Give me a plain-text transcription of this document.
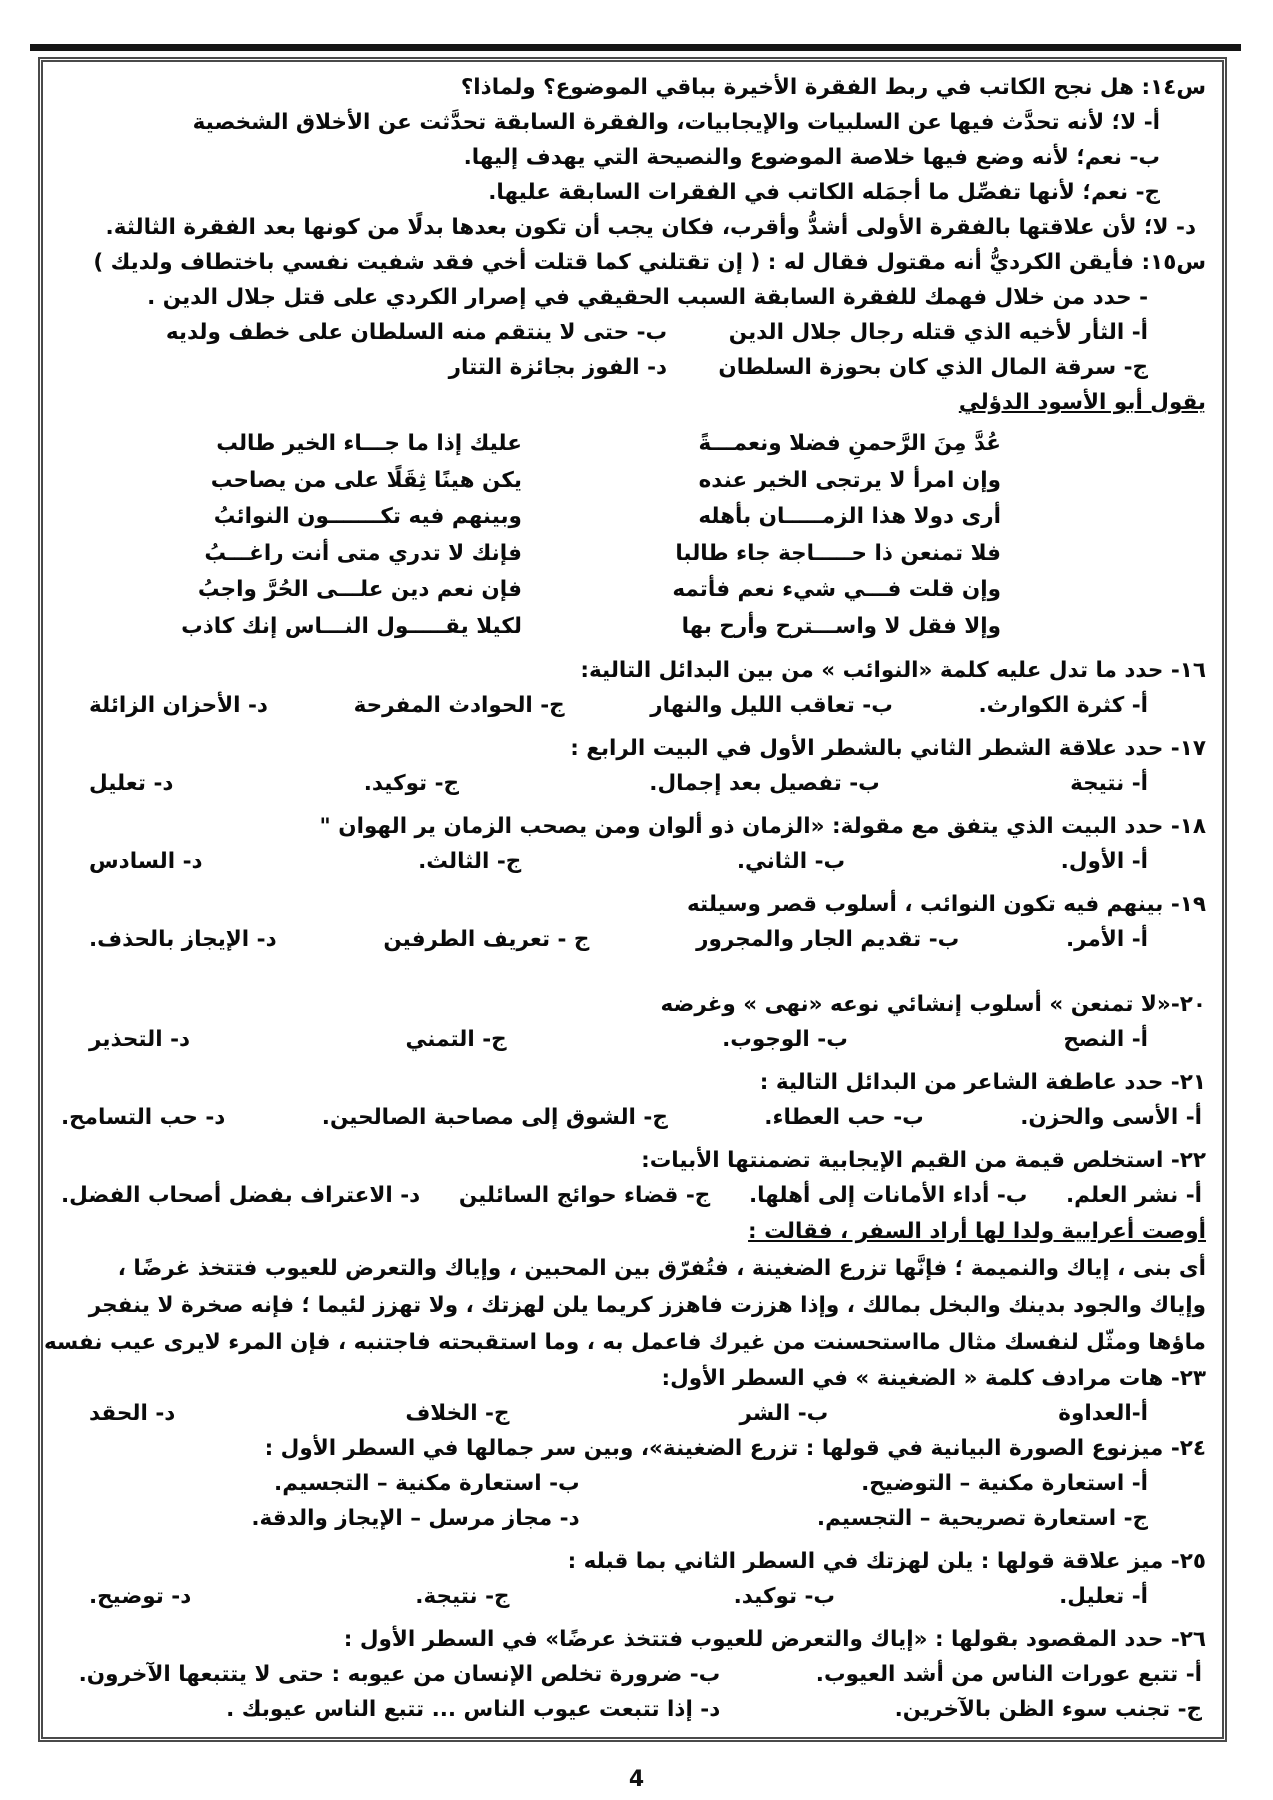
س١٤: هل نجح الكاتب في ربط الفقرة الأخيرة بباقي الموضوع؟ ولماذا؟
أ- لا؛ لأنه تحدَّث فيها عن السلبيات والإيجابيات، والفقرة السابقة تحدَّثت عن الأخلاق الشخصية
ب- نعم؛ لأنه وضع فيها خلاصة الموضوع والنصيحة التي يهدف إليها.
ج- نعم؛ لأنها تفصِّل ما أجمَله الكاتب في الفقرات السابقة عليها.
د- لا؛ لأن علاقتها بالفقرة الأولى أشدُّ وأقرب، فكان يجب أن تكون بعدها بدلًا من كونها بعد الفقرة الثالثة.
س١٥: فأيقن الكرديُّ أنه مقتول فقال له : ( إن تقتلني كما قتلت أخي فقد شفيت نفسي باختطاف ولديك )
- حدد من خلال فهمك للفقرة السابقة السبب الحقيقي في إصرار الكردي على قتل جلال الدين .
أ- الثأر لأخيه الذي قتله رجال جلال الدين
ب- حتى لا ينتقم منه السلطان على خطف ولديه
ج- سرقة المال الذي كان بحوزة السلطان
د- الفوز بجائزة التتار
يقول أبو الأسود الدؤلي
عُدَّ مِنَ الرَّحمنِ فضلا ونعمـــةً
عليك إذا ما جـــاء الخير طالب
وإن امرأ لا يرتجى الخير عنده
يكن هينًا ثِقَلًا على من يصاحب
أرى دولا هذا الزمـــــان بأهله
وبينهم فيه تكـــــــون النوائبُ
فلا تمنعن ذا حـــــاجة جاء طالبا
فإنك لا تدري متى أنت راغـــبُ
وإن قلت فـــي شيء نعم فأتمه
فإن نعم دين علـــى الحُرَّ واجبُ
وإلا فقل لا واســـترح وأرح بها
لكيلا يقـــــول النـــاس إنك كاذب
١٦- حدد ما تدل عليه كلمة «النوائب » من بين البدائل التالية:
أ- كثرة الكوارث.
ب- تعاقب الليل والنهار
ج- الحوادث المفرحة
د- الأحزان الزائلة
١٧- حدد علاقة الشطر الثاني بالشطر الأول في البيت الرابع :
أ- نتيجة
ب- تفصيل بعد إجمال.
ج- توكيد.
د- تعليل
١٨- حدد البيت الذي يتفق مع مقولة: «الزمان ذو ألوان ومن يصحب الزمان ير الهوان "
أ- الأول.
ب- الثاني.
ج- الثالث.
د- السادس
١٩- بينهم فيه تكون النوائب ، أسلوب قصر وسيلته
أ- الأمر.
ب- تقديم الجار والمجرور
ج - تعريف الطرفين
د- الإيجاز بالحذف.
٢٠-«لا تمنعن » أسلوب إنشائي نوعه «نهى » وغرضه
أ- النصح
ب- الوجوب.
ج- التمني
د- التحذير
٢١- حدد عاطفة الشاعر من البدائل التالية :
أ- الأسى والحزن.
ب- حب العطاء.
ج- الشوق إلى مصاحبة الصالحين.
د- حب التسامح.
٢٢- استخلص قيمة من القيم الإيجابية تضمنتها الأبيات:
أ- نشر العلم.
ب- أداء الأمانات إلى أهلها.
ج- قضاء حوائج السائلين
د- الاعتراف بفضل أصحاب الفضل.
أوصت أعرابية ولدا لها أراد السفر ، فقالت :
أى بنى ، إياك والنميمة ؛ فإنَّها تزرع الضغينة ، فتُفرّق بين المحبين ، وإياك والتعرض للعيوب فتتخذ غرضًا ،
وإياك والجود بدينك والبخل بمالك ، وإذا هززت فاهزز كريما يلن لهزتك ، ولا تهزز لئيما ؛ فإنه صخرة لا ينفجر
ماؤها ومثّل لنفسك مثال مااستحسنت من غيرك فاعمل به ، وما استقبحته فاجتنبه ، فإن المرء لايرى عيب نفسه
٢٣- هات مرادف كلمة « الضغينة » في السطر الأول:
أ-العداوة
ب- الشر
ج- الخلاف
د- الحقد
٢٤- ميزنوع الصورة البيانية في قولها : تزرع الضغينة»، وبين سر جمالها في السطر الأول :
أ- استعارة مكنية – التوضيح.
ب- استعارة مكنية – التجسيم.
ج- استعارة تصريحية – التجسيم.
د- مجاز مرسل – الإيجاز والدقة.
٢٥- ميز علاقة قولها : يلن لهزتك في السطر الثاني بما قبله :
أ- تعليل.
ب- توكيد.
ج- نتيجة.
د- توضيح.
٢٦- حدد المقصود بقولها : «إياك والتعرض للعيوب فتتخذ عرضًا» في السطر الأول :
أ- تتبع عورات الناس من أشد العيوب.
ب- ضرورة تخلص الإنسان من عيوبه : حتى لا يتتبعها الآخرون.
ج- تجنب سوء الظن بالآخرين.
د- إذا تتبعت عيوب الناس ... تتبع الناس عيوبك .
4
